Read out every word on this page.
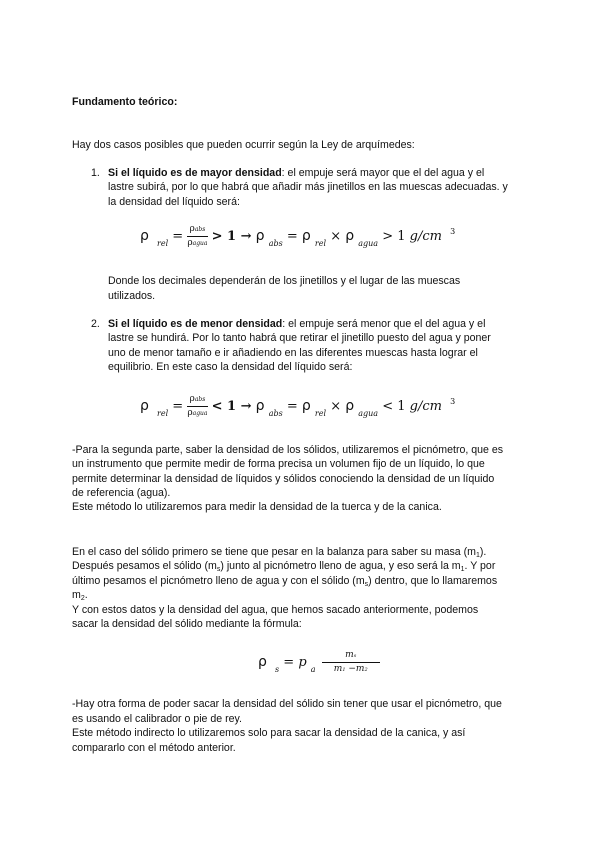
Fundamento teórico:
Hay dos casos posibles que pueden ocurrir según la Ley de arquímedes:
1. Si el líquido es de mayor densidad: el empuje será mayor que el del agua y el
lastre subirá, por lo que habrá que añadir más jinetillos en las muescas adecuadas. y
la densidad del líquido será:
ρ $_{rel} = \frac{\text{ρabs}}{\text{ρagua}} > 1 \to \rho$ $_{abs}$ = ρ $_{rel}$ × ρ $_{agua}$ > 1 g/cm $^3$
Donde los decimales dependerán de los jinetillos y el lugar de las muescas
utilizados.
2. Si el líquido es de menor densidad: el empuje será menor que el del agua y el
lastre se hundirá. Por lo tanto habrá que retirar el jinetillo puesto del agua y poner
uno de menor tamaño e ir añadiendo en las diferentes muescas hasta lograr el
equilibrio. En este caso la densidad del líquido será:
ρ $_{rel} = \frac{\text{ρabs}}{\text{ρagua}} < 1 \to \rho$ $_{abs}$ = ρ $_{rel}$ × ρ $_{agua}$ < 1 g/cm $^3$
-Para la segunda parte, saber la densidad de los sólidos, utilizaremos el picnómetro, que es
un instrumento que permite medir de forma precisa un volumen fijo de un líquido, lo que
permite determinar la densidad de líquidos y sólidos conociendo la densidad de un líquido
de referencia (agua).
Este método lo utilizaremos para medir la densidad de la tuerca y de la canica.
En el caso del sólido primero se tiene que pesar en la balanza para saber su masa $(m_1)$.
Después pesamos el sólido $(m_s)$ junto al picnómetro lleno de agua, y eso será la $m_1$. Y por
último pesamos el picnómetro lleno de agua y con el sólido $(m_s)$ dentro, que lo llamaremos
$m_2$.
Y con estos datos y la densidad del agua, que hemos sacado anteriormente, podemos
sacar la densidad del sólido mediante la fórmula:
ρ $_s$ = p $_a \frac{ms}{m1 -m2}$
-Hay otra forma de poder sacar la densidad del sólido sin tener que usar el picnómetro, que
es usando el calibrador o pie de rey.
Este método indirecto lo utilizaremos solo para sacar la densidad de la canica, y así
compararlo con el método anterior.
